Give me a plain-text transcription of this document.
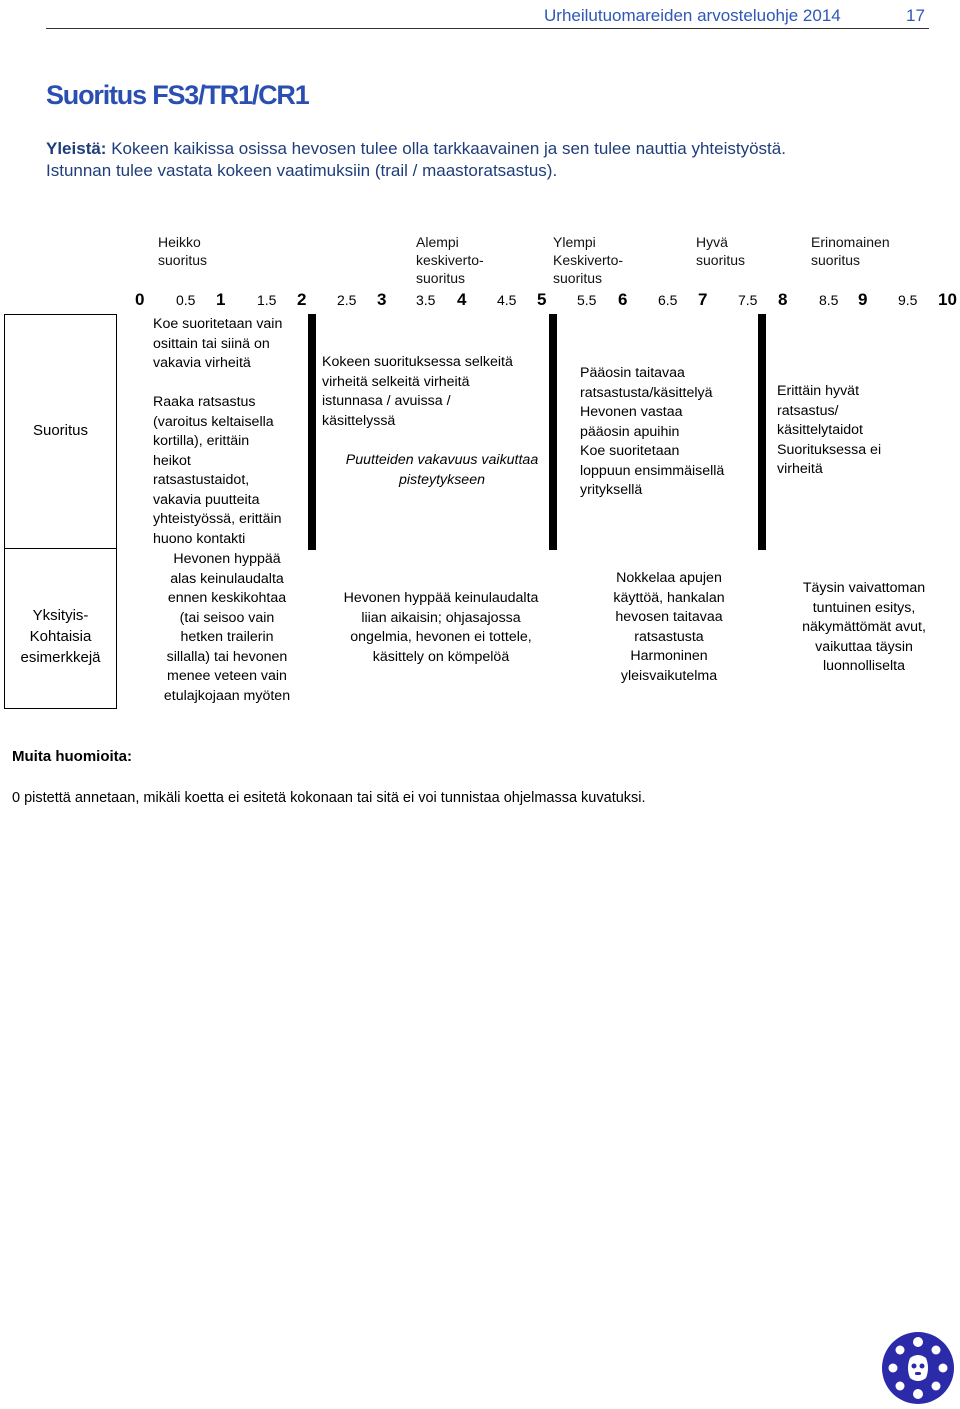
Urheilutuomareiden arvosteluohje 2014	17
Suoritus FS3/TR1/CR1
Yleistä: Kokeen kaikissa osissa hevosen tulee olla tarkkaavainen ja sen tulee nauttia yhteistyöstä.
Istunnan tulee vastata kokeen vaatimuksiin (trail / maastoratsastus).
Heikko
suoritus
Alempi
keskiverto-
suoritus
Ylempi
Keskiverto-
suoritus
Hyvä
suoritus
Erinomainen
suoritus
0 0.5 1 1.5 2 2.5 3 3.5 4 4.5 5 5.5 6 6.5 7 7.5 8 8.5 9 9.5 10
Suoritus
Yksityis-
Kohtaisia
esimerkkejä
Koe suoritetaan vain
osittain tai siinä on
vakavia virheitä
Raaka ratsastus
(varoitus keltaisella
kortilla), erittäin
heikot
ratsastustaidot,
vakavia puutteita
yhteistyössä, erittäin
huono kontakti
Kokeen suorituksessa selkeitä
virheitä selkeitä virheitä
istunnasa / avuissa /
käsittelyssä
Puutteiden vakavuus vaikuttaa
pisteytykseen
Pääosin taitavaa
ratsastusta/käsittelyä
Hevonen vastaa
pääosin apuihin
Koe suoritetaan
loppuun ensimmäisellä
yrityksellä
Erittäin hyvät
ratsastus/
käsittelytaidot
Suorituksessa ei
virheitä
Hevonen hyppää
alas keinulaudalta
ennen keskikohtaa
(tai seisoo vain
hetken trailerin
sillalla) tai hevonen
menee veteen vain
etulajkojaan myöten
Hevonen hyppää keinulaudalta
liian aikaisin; ohjasajossa
ongelmia, hevonen ei tottele,
käsittely on kömpelöä
Nokkelaa apujen
käyttöä, hankalan
hevosen taitavaa
ratsastusta
Harmoninen
yleisvaikutelma
Täysin vaivattoman
tuntuinen esitys,
näkymättömät avut,
vaikuttaa täysin
luonnolliselta
Muita huomioita:
0 pistettä annetaan, mikäli koetta ei esitetä kokonaan tai sitä ei voi tunnistaa ohjelmassa kuvatuksi.
